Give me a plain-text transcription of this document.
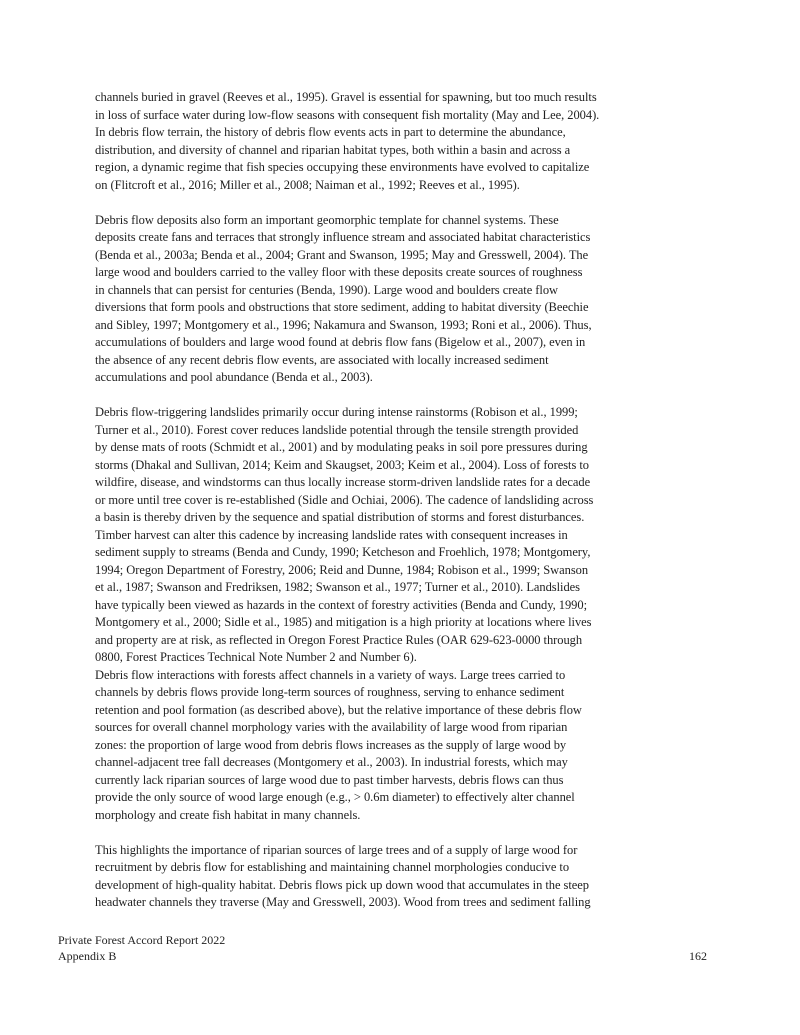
channels buried in gravel (Reeves et al., 1995). Gravel is essential for spawning, but too much results
in loss of surface water during low-flow seasons with consequent fish mortality (May and Lee, 2004).
In debris flow terrain, the history of debris flow events acts in part to determine the abundance,
distribution, and diversity of channel and riparian habitat types, both within a basin and across a
region, a dynamic regime that fish species occupying these environments have evolved to capitalize
on (Flitcroft et al., 2016; Miller et al., 2008; Naiman et al., 1992; Reeves et al., 1995).
Debris flow deposits also form an important geomorphic template for channel systems. These
deposits create fans and terraces that strongly influence stream and associated habitat characteristics
(Benda et al., 2003a; Benda et al., 2004; Grant and Swanson, 1995; May and Gresswell, 2004). The
large wood and boulders carried to the valley floor with these deposits create sources of roughness
in channels that can persist for centuries (Benda, 1990). Large wood and boulders create flow
diversions that form pools and obstructions that store sediment, adding to habitat diversity (Beechie
and Sibley, 1997; Montgomery et al., 1996; Nakamura and Swanson, 1993; Roni et al., 2006). Thus,
accumulations of boulders and large wood found at debris flow fans (Bigelow et al., 2007), even in
the absence of any recent debris flow events, are associated with locally increased sediment
accumulations and pool abundance (Benda et al., 2003).
Debris flow-triggering landslides primarily occur during intense rainstorms (Robison et al., 1999;
Turner et al., 2010). Forest cover reduces landslide potential through the tensile strength provided
by dense mats of roots (Schmidt et al., 2001) and by modulating peaks in soil pore pressures during
storms (Dhakal and Sullivan, 2014; Keim and Skaugset, 2003; Keim et al., 2004). Loss of forests to
wildfire, disease, and windstorms can thus locally increase storm-driven landslide rates for a decade
or more until tree cover is re-established (Sidle and Ochiai, 2006). The cadence of landsliding across
a basin is thereby driven by the sequence and spatial distribution of storms and forest disturbances.
Timber harvest can alter this cadence by increasing landslide rates with consequent increases in
sediment supply to streams (Benda and Cundy, 1990; Ketcheson and Froehlich, 1978; Montgomery,
1994; Oregon Department of Forestry, 2006; Reid and Dunne, 1984; Robison et al., 1999; Swanson
et al., 1987; Swanson and Fredriksen, 1982; Swanson et al., 1977; Turner et al., 2010). Landslides
have typically been viewed as hazards in the context of forestry activities (Benda and Cundy, 1990;
Montgomery et al., 2000; Sidle et al., 1985) and mitigation is a high priority at locations where lives
and property are at risk, as reflected in Oregon Forest Practice Rules (OAR 629-623-0000 through
0800, Forest Practices Technical Note Number 2 and Number 6).
Debris flow interactions with forests affect channels in a variety of ways. Large trees carried to
channels by debris flows provide long-term sources of roughness, serving to enhance sediment
retention and pool formation (as described above), but the relative importance of these debris flow
sources for overall channel morphology varies with the availability of large wood from riparian
zones: the proportion of large wood from debris flows increases as the supply of large wood by
channel-adjacent tree fall decreases (Montgomery et al., 2003). In industrial forests, which may
currently lack riparian sources of large wood due to past timber harvests, debris flows can thus
provide the only source of wood large enough (e.g., > 0.6m diameter) to effectively alter channel
morphology and create fish habitat in many channels.
This highlights the importance of riparian sources of large trees and of a supply of large wood for
recruitment by debris flow for establishing and maintaining channel morphologies conducive to
development of high-quality habitat. Debris flows pick up down wood that accumulates in the steep
headwater channels they traverse (May and Gresswell, 2003). Wood from trees and sediment falling
Private Forest Accord Report 2022
Appendix B	162
